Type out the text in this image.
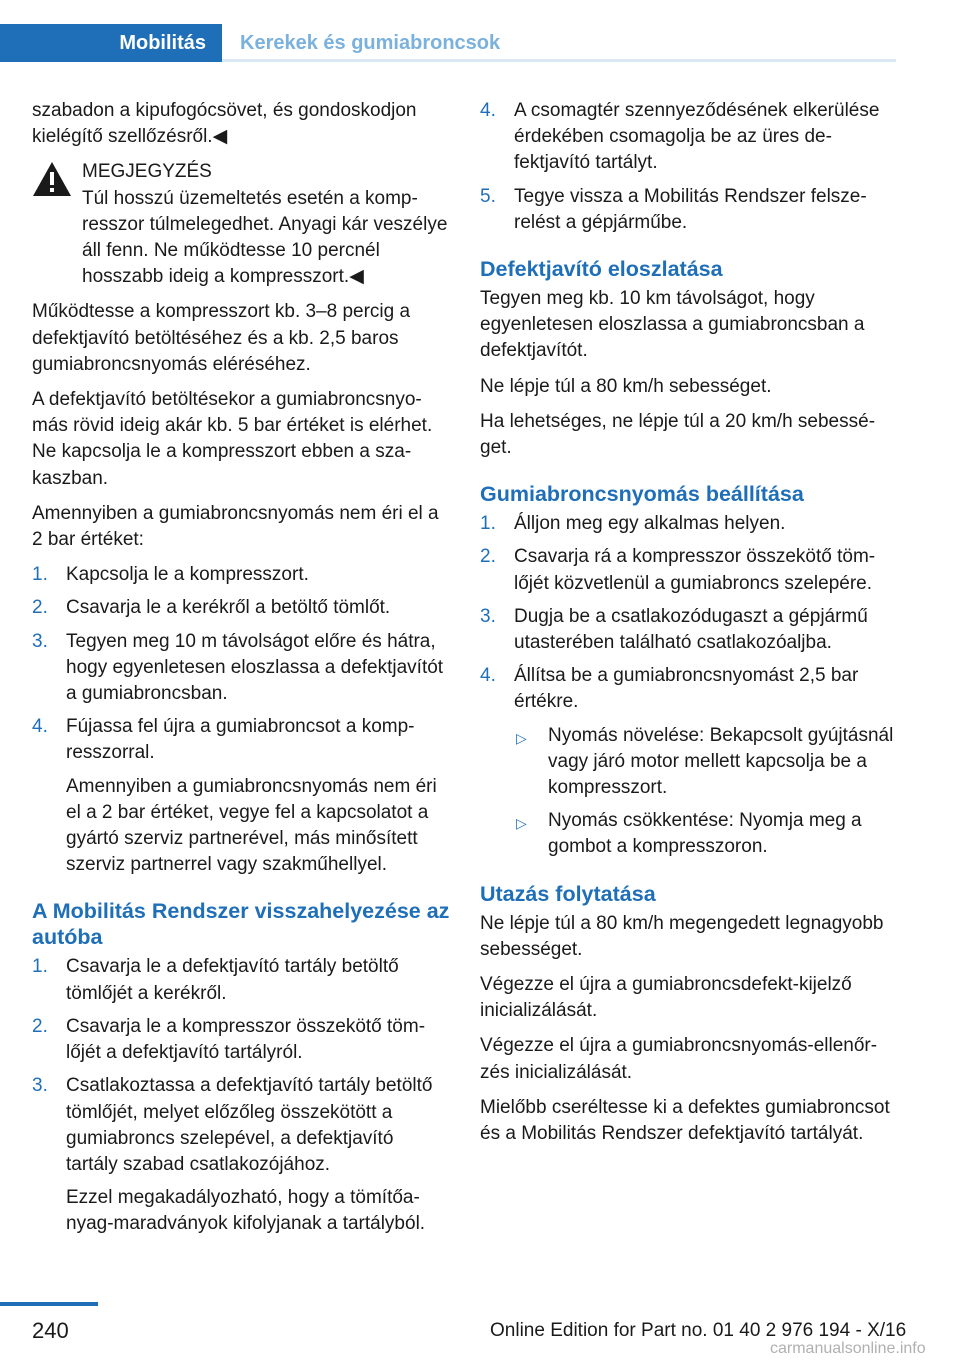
Mobilitás	Kerekek és gumiabroncsok

szabadon a kipufogócsövet, és gondoskodjon kielégítő szellőzésről.◀

MEGJEGYZÉS

Túl hosszú üzemeltetés esetén a kompresszor túlmelegedhet. Anyagi kár veszélye áll fenn. Ne működtesse 10 percnél hosszabb ideig a kompresszort.◀

Működtesse a kompresszort kb. 3–8 percig a defektjavító betöltéséhez és a kb. 2,5 baros gumiabroncsnyomás eléréséhez.

A defektjavító betöltésekor a gumiabroncsnyomás rövid ideig akár kb. 5 bar értéket is elérhet. Ne kapcsolja le a kompresszort ebben a szakaszban.

Amennyiben a gumiabroncsnyomás nem éri el a 2 bar értéket:

1. Kapcsolja le a kompresszort.
2. Csavarja le a kerékről a betöltő tömlőt.
3. Tegyen meg 10 m távolságot előre és hátra, hogy egyenletesen eloszlassa a defektjavítót a gumiabroncsban.
4. Fújassa fel újra a gumiabroncsot a kompresszorral.
Amennyiben a gumiabroncsnyomás nem éri el a 2 bar értéket, vegye fel a kapcsolatot a gyártó szerviz partnerével, más minősített szerviz partnerrel vagy szakműhellyel.
A Mobilitás Rendszer visszahelyezése az autóba
1. Csavarja le a defektjavító tartály betöltő tömlőjét a kerékről.
2. Csavarja le a kompresszor összekötő tömlőjét a defektjavító tartályról.
3. Csatlakoztassa a defektjavító tartály betöltő tömlőjét, melyet előzőleg összekötött a gumiabroncs szelepével, a defektjavító tartály szabad csatlakozójához.
Ezzel megakadályozható, hogy a tömítőanyag-maradványok kifolyjanak a tartályból.
4. A csomagtér szennyeződésének elkerülése érdekében csomagolja be az üres defektjavító tartályt.
5. Tegye vissza a Mobilitás Rendszer felszerelést a gépjárműbe.
Defektjavító eloszlatása

Tegyen meg kb. 10 km távolságot, hogy egyenletesen eloszlassa a gumiabroncsban a defektjavítót.

Ne lépje túl a 80 km/h sebességet.

Ha lehetséges, ne lépje túl a 20 km/h sebességet.

Gumiabroncsnyomás beállítása
1. Álljon meg egy alkalmas helyen.
2. Csavarja rá a kompresszor összekötő tömlőjét közvetlenül a gumiabroncs szelepére.
3. Dugja be a csatlakozódugaszt a gépjármű utasterében található csatlakozóaljba.
4. Állítsa be a gumiabroncsnyomást 2,5 bar értékre.
▷ Nyomás növelése: Bekapcsolt gyújtásnál vagy járó motor mellett kapcsolja be a kompresszort.
▷ Nyomás csökkentése: Nyomja meg a gombot a kompresszoron.
Utazás folytatása

Ne lépje túl a 80 km/h megengedett legnagyobb sebességet.

Végezze el újra a gumiabroncsdefekt-kijelző inicializálását.

Végezze el újra a gumiabroncsnyomás-ellenőrzés inicializálását.

Mielőbb cseréltesse ki a defektes gumiabroncsot és a Mobilitás Rendszer defektjavító tartályát.

240	Online Edition for Part no. 01 40 2 976 194 - X/16
carmanualsonline.info
